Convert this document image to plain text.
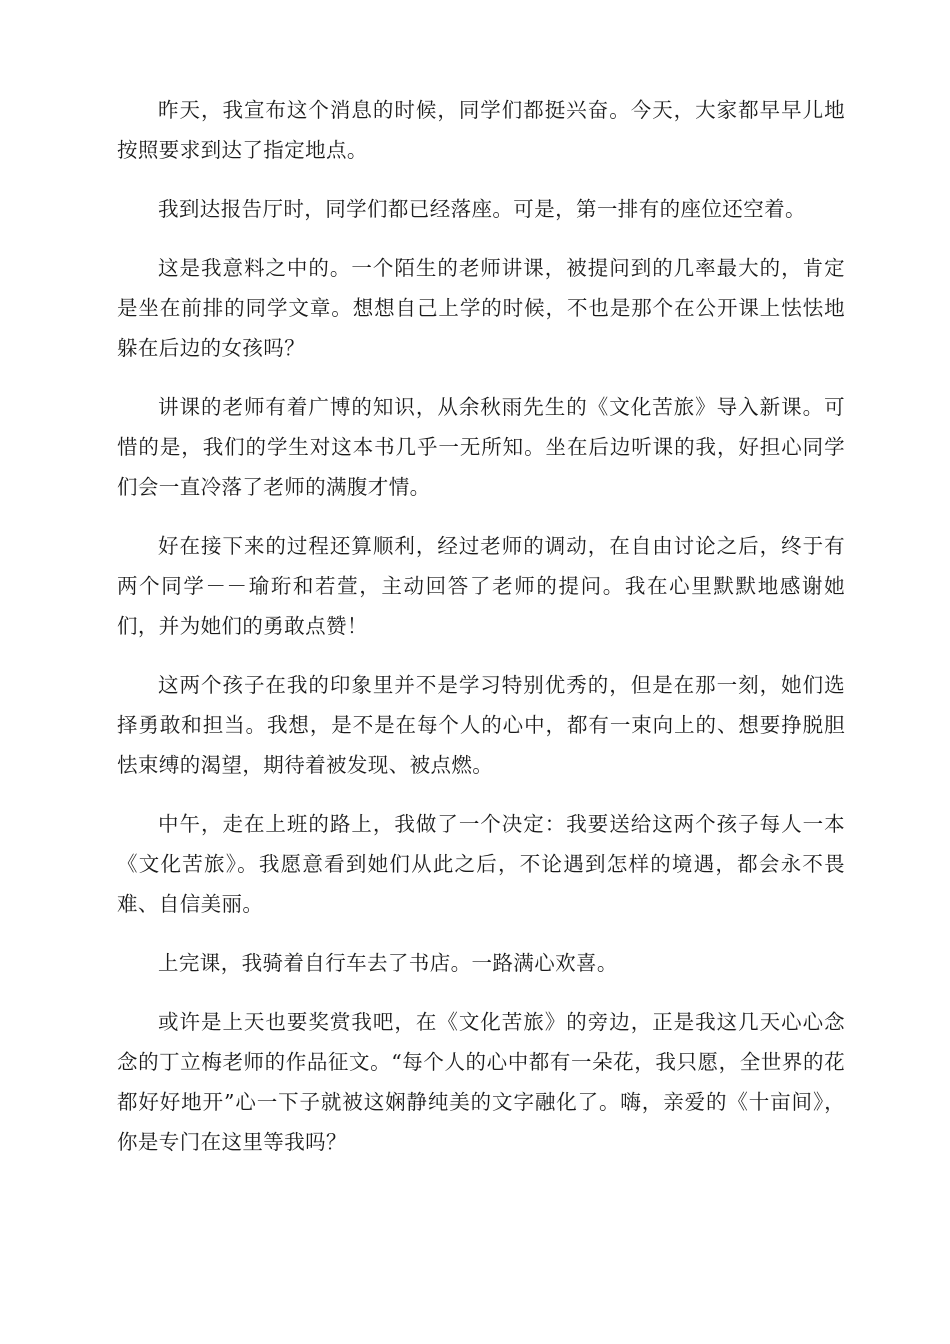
昨天，我宣布这个消息的时候，同学们都挺兴奋。今天，大家都早早儿地按照要求到达了指定地点。

我到达报告厅时，同学们都已经落座。可是，第一排有的座位还空着。

这是我意料之中的。一个陌生的老师讲课，被提问到的几率最大的，肯定是坐在前排的同学文章。想想自己上学的时候，不也是那个在公开课上怯怯地躲在后边的女孩吗？

讲课的老师有着广博的知识，从余秋雨先生的《文化苦旅》导入新课。可惜的是，我们的学生对这本书几乎一无所知。坐在后边听课的我，好担心同学们会一直冷落了老师的满腹才情。

好在接下来的过程还算顺利，经过老师的调动，在自由讨论之后，终于有两个同学－－瑜珩和若萱，主动回答了老师的提问。我在心里默默地感谢她们，并为她们的勇敢点赞！

这两个孩子在我的印象里并不是学习特别优秀的，但是在那一刻，她们选择勇敢和担当。我想，是不是在每个人的心中，都有一束向上的、想要挣脱胆怯束缚的渴望，期待着被发现、被点燃。

中午，走在上班的路上，我做了一个决定：我要送给这两个孩子每人一本《文化苦旅》。我愿意看到她们从此之后，不论遇到怎样的境遇，都会永不畏难、自信美丽。

上完课，我骑着自行车去了书店。一路满心欢喜。

或许是上天也要奖赏我吧，在《文化苦旅》的旁边，正是我这几天心心念念的丁立梅老师的作品征文。“每个人的心中都有一朵花，我只愿，全世界的花都好好地开”心一下子就被这娴静纯美的文字融化了。嗨，亲爱的《十亩间》，你是专门在这里等我吗？
